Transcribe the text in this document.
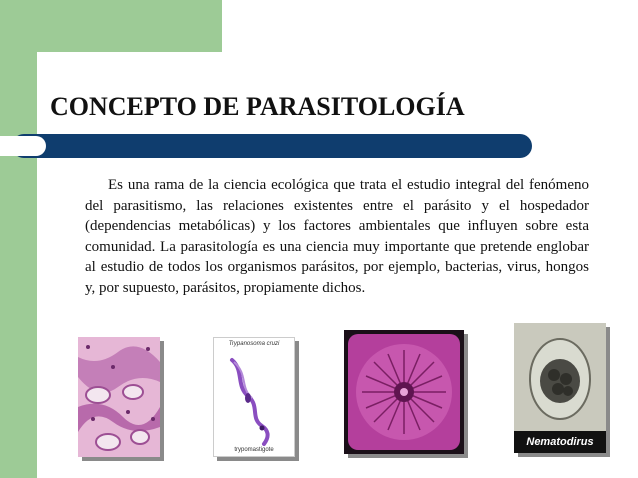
CONCEPTO DE PARASITOLOGÍA

Es una rama de la ciencia ecológica que trata el estudio integral del fenómeno del parasitismo, las relaciones existentes entre el parásito y el hospedador (dependencias metabólicas) y los factores ambientales que influyen sobre esta comunidad. La parasitología es una ciencia muy importante que pretende englobar al estudio de todos los organismos parásitos, por ejemplo, bacterias, virus, hongos y, por supuesto, parásitos, propiamente dichos.

Trypanosoma cruzi
trypomastigote
Nematodirus
